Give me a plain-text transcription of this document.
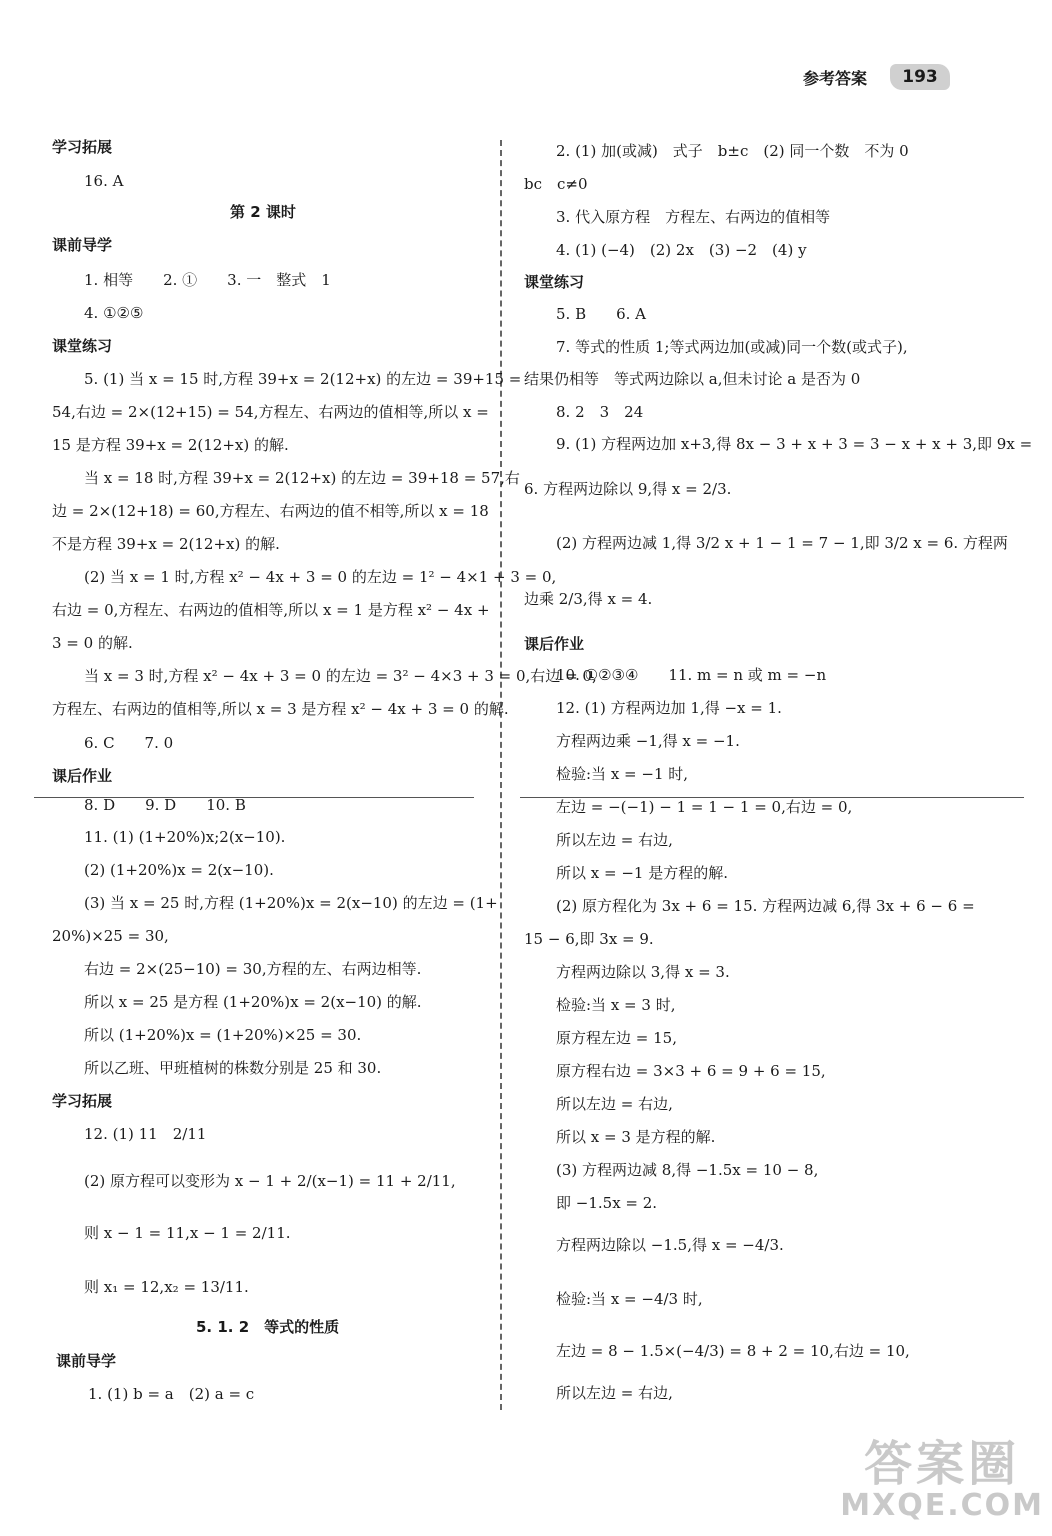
参考答案	193
学习拓展
16. A
第 2 课时
课前导学
1. 相等　　2. ①　　3. 一　整式　1
4. ①②⑤
课堂练习
5. (1) 当 x = 15 时,方程 39+x = 2(12+x) 的左边 = 39+15 =
54,右边 = 2×(12+15) = 54,方程左、右两边的值相等,所以 x =
15 是方程 39+x = 2(12+x) 的解.
当 x = 18 时,方程 39+x = 2(12+x) 的左边 = 39+18 = 57,右
边 = 2×(12+18) = 60,方程左、右两边的值不相等,所以 x = 18
不是方程 39+x = 2(12+x) 的解.
(2) 当 x = 1 时,方程 x² − 4x + 3 = 0 的左边 = 1² − 4×1 + 3 = 0,
右边 = 0,方程左、右两边的值相等,所以 x = 1 是方程 x² − 4x +
3 = 0 的解.
当 x = 3 时,方程 x² − 4x + 3 = 0 的左边 = 3² − 4×3 + 3 = 0,右边 = 0,
方程左、右两边的值相等,所以 x = 3 是方程 x² − 4x + 3 = 0 的解.
6. C　　7. 0
课后作业
8. D　　9. D　　10. B
11. (1) (1+20%)x;2(x−10).
(2) (1+20%)x = 2(x−10).
(3) 当 x = 25 时,方程 (1+20%)x = 2(x−10) 的左边 = (1+
20%)×25 = 30,
右边 = 2×(25−10) = 30,方程的左、右两边相等.
所以 x = 25 是方程 (1+20%)x = 2(x−10) 的解.
所以 (1+20%)x = (1+20%)×25 = 30.
所以乙班、甲班植树的株数分别是 25 和 30.
学习拓展
12. (1) 11　2/11
(2) 原方程可以变形为 x − 1 + 2/(x−1) = 11 + 2/11,
则 x − 1 = 11,x − 1 = 2/11.
则 x₁ = 12,x₂ = 13/11.
5. 1. 2　等式的性质
课前导学
1. (1) b = a　(2) a = c
2. (1) 加(或减)　式子　b±c　(2) 同一个数　不为 0
bc　c≠0
3. 代入原方程　方程左、右两边的值相等
4. (1) (−4)　(2) 2x　(3) −2　(4) y
课堂练习
5. B　　6. A
7. 等式的性质 1;等式两边加(或减)同一个数(或式子),
结果仍相等　等式两边除以 a,但未讨论 a 是否为 0
8. 2　3　24
9. (1) 方程两边加 x+3,得 8x − 3 + x + 3 = 3 − x + x + 3,即 9x =
6. 方程两边除以 9,得 x = 2/3.
(2) 方程两边减 1,得 3/2 x + 1 − 1 = 7 − 1,即 3/2 x = 6. 方程两
边乘 2/3,得 x = 4.
课后作业
10. ①②③④　　11. m = n 或 m = −n
12. (1) 方程两边加 1,得 −x = 1.
方程两边乘 −1,得 x = −1.
检验:当 x = −1 时,
左边 = −(−1) − 1 = 1 − 1 = 0,右边 = 0,
所以左边 = 右边,
所以 x = −1 是方程的解.
(2) 原方程化为 3x + 6 = 15. 方程两边减 6,得 3x + 6 − 6 =
15 − 6,即 3x = 9.
方程两边除以 3,得 x = 3.
检验:当 x = 3 时,
原方程左边 = 15,
原方程右边 = 3×3 + 6 = 9 + 6 = 15,
所以左边 = 右边,
所以 x = 3 是方程的解.
(3) 方程两边减 8,得 −1.5x = 10 − 8,
即 −1.5x = 2.
方程两边除以 −1.5,得 x = −4/3.
检验:当 x = −4/3 时,
左边 = 8 − 1.5×(−4/3) = 8 + 2 = 10,右边 = 10,
所以左边 = 右边,
答案圈
MXQE.COM
